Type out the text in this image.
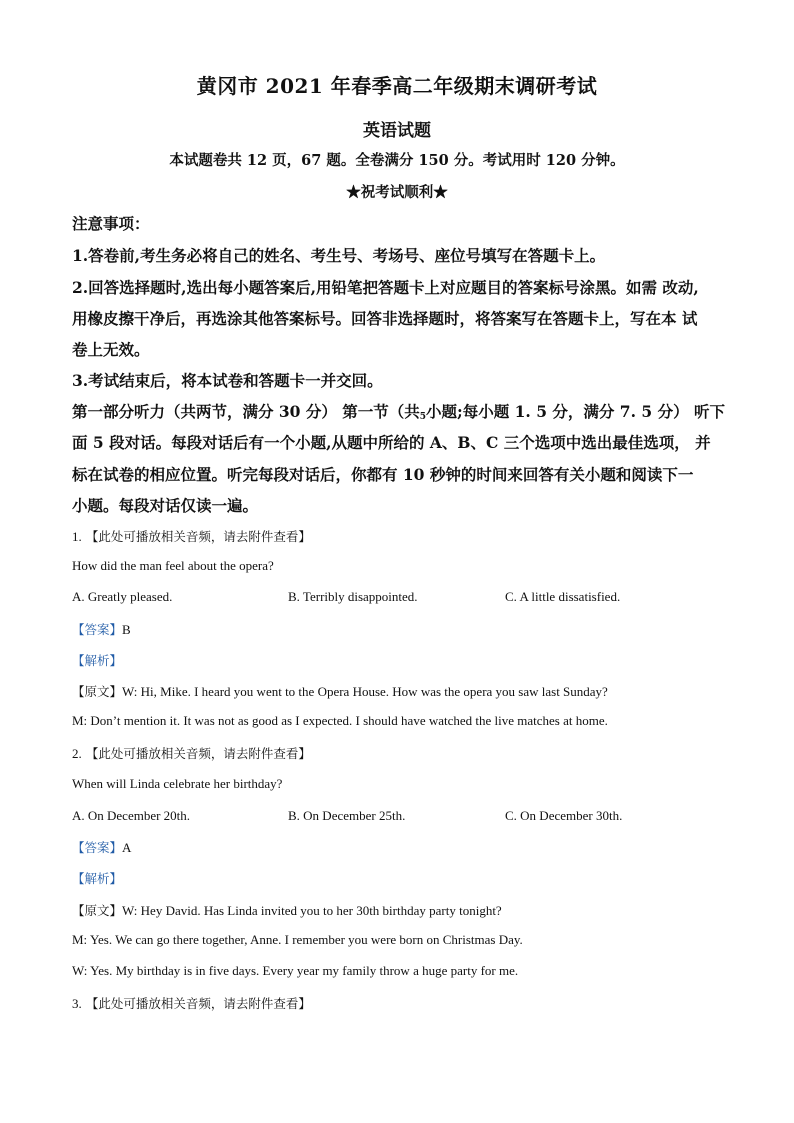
黄冈市 2021 年春季高二年级期末调研考试
英语试题
本试题卷共 12 页，67 题。全卷满分 150 分。考试用时 120 分钟。
★祝考试顺利★
注意事项：
1.答卷前,考生务必将自己的姓名、考生号、考场号、座位号填写在答题卡上。
2.回答选择题时,选出每小题答案后,用铅笔把答题卡上对应题目的答案标号涂黑。如需 改动,
用橡皮擦干净后，再选涂其他答案标号。回答非选择题时，将答案写在答题卡上，写在本 试
卷上无效。
3.考试结束后，将本试卷和答题卡一并交回。
第一部分听力（共两节，满分 30 分） 第一节（共$_5$小题;每小题 1. 5 分，满分 7. 5 分） 听下
面 5 段对话。每段对话后有一个小题,从题中所给的 A、B、C 三个选项中选出最佳选项， 并
标在试卷的相应位置。听完每段对话后，你都有 10 秒钟的时间来回答有关小题和阅读下一
小题。每段对话仅读一遍。
1. 【此处可播放相关音频，请去附件查看】
How did the man feel about the opera?
A. Greatly pleased.	B. Terribly disappointed.	C. A little dissatisfied.
【答案】B
【解析】
【原文】W: Hi, Mike. I heard you went to the Opera House. How was the opera you saw last Sunday?
M: Don’t mention it. It was not as good as I expected. I should have watched the live matches at home.
2. 【此处可播放相关音频，请去附件查看】
When will Linda celebrate her birthday?
A. On December 20th.	B. On December 25th.	C. On December 30th.
【答案】A
【解析】
【原文】W: Hey David. Has Linda invited you to her 30th birthday party tonight?
M: Yes. We can go there together, Anne. I remember you were born on Christmas Day.
W: Yes. My birthday is in five days. Every year my family throw a huge party for me.
3. 【此处可播放相关音频，请去附件查看】
